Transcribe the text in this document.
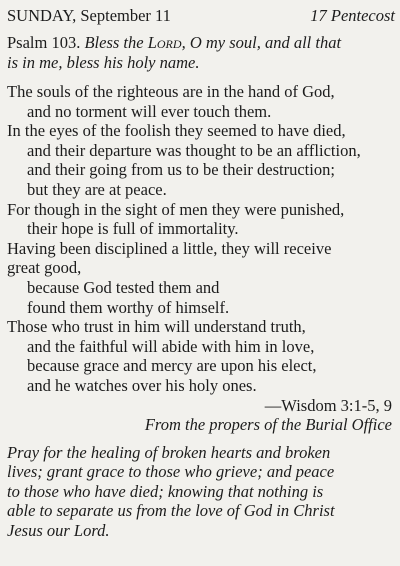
SUNDAY, September 11	17 Pentecost
Psalm 103. Bless the Lord, O my soul, and all that
is in me, bless his holy name.
The souls of the righteous are in the hand of God,
and no torment will ever touch them.
In the eyes of the foolish they seemed to have died,
and their departure was thought to be an affliction,
and their going from us to be their destruction;
but they are at peace.
For though in the sight of men they were punished,
their hope is full of immortality.
Having been disciplined a little, they will receive
great good,
because God tested them and
found them worthy of himself.
Those who trust in him will understand truth,
and the faithful will abide with him in love,
because grace and mercy are upon his elect,
and he watches over his holy ones.
—Wisdom 3:1-5, 9
From the propers of the Burial Office
Pray for the healing of broken hearts and broken
lives; grant grace to those who grieve; and peace
to those who have died; knowing that nothing is
able to separate us from the love of God in Christ
Jesus our Lord.
